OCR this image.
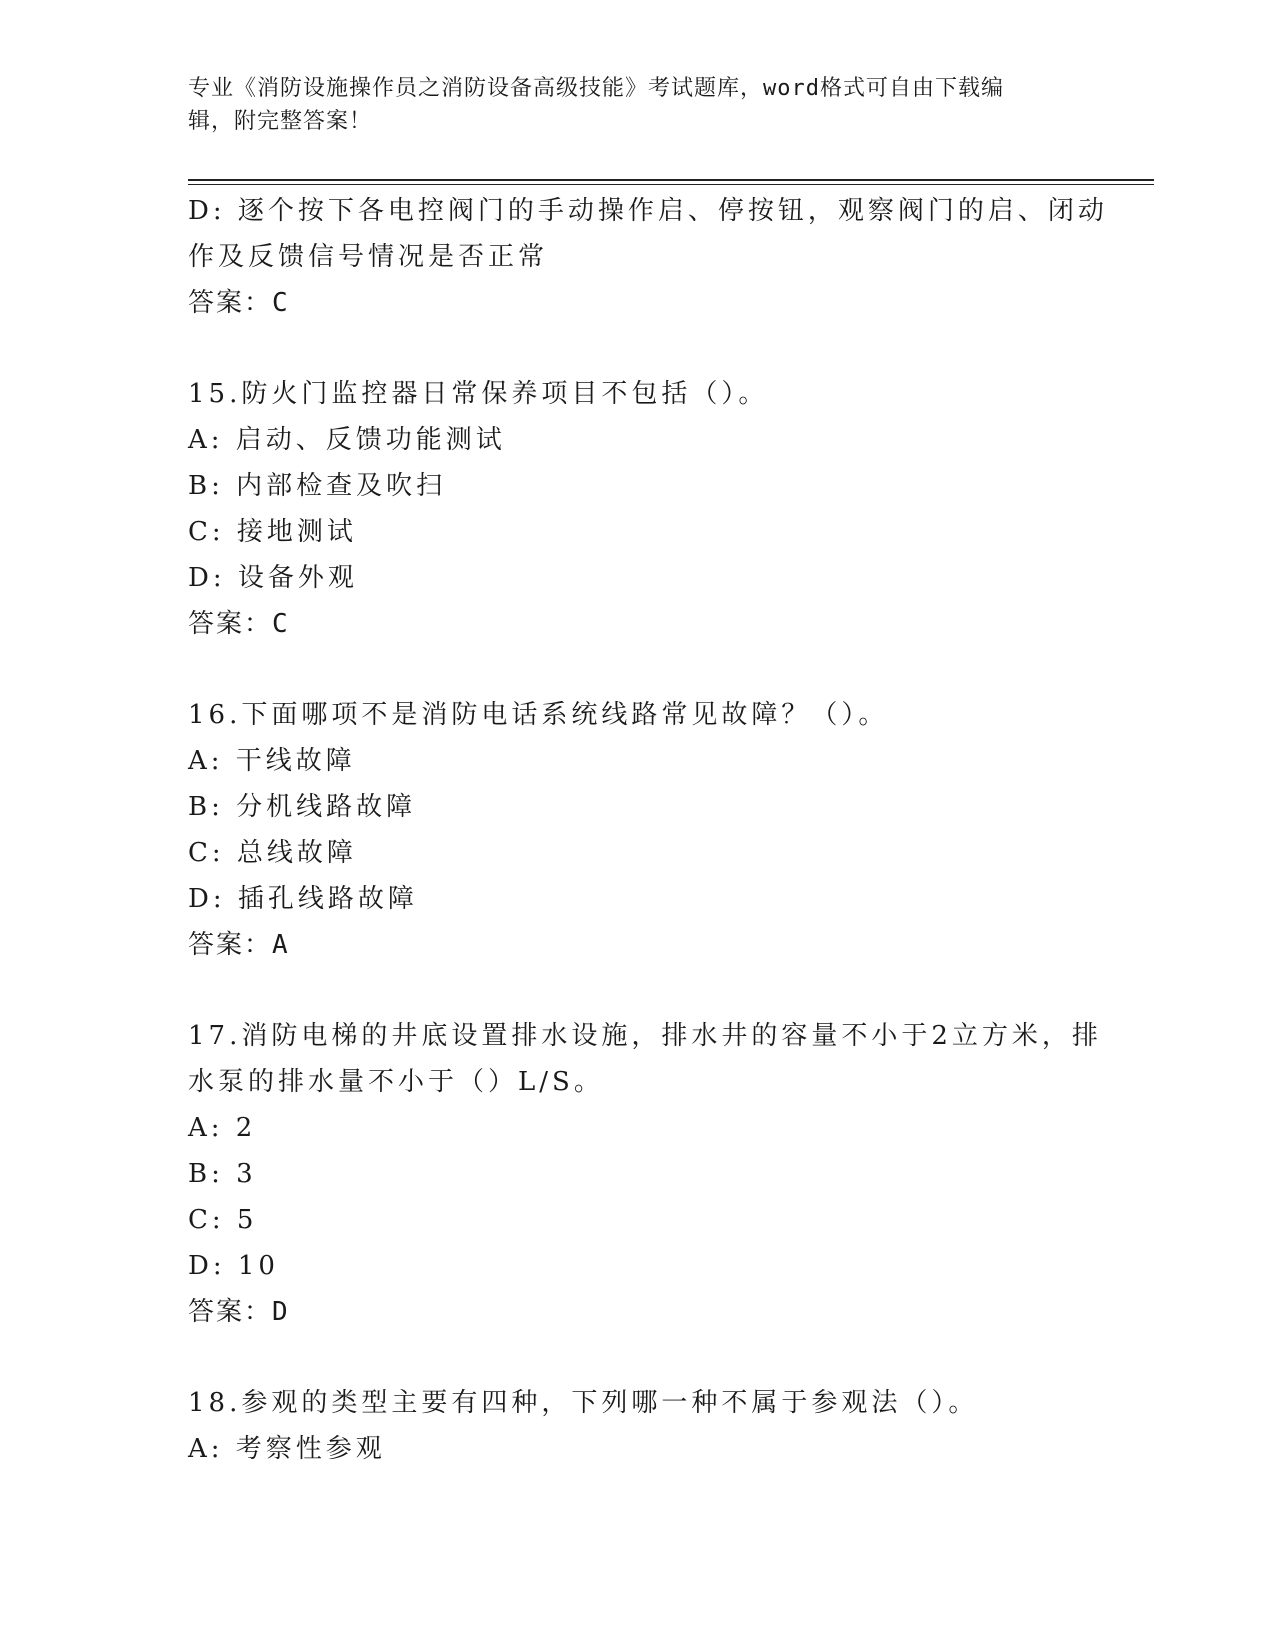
专业《消防设施操作员之消防设备高级技能》考试题库，word格式可自由下载编
辑，附完整答案！
D: 逐个按下各电控阀门的手动操作启、停按钮，观察阀门的启、闭动
作及反馈信号情况是否正常
答案：C
15.防火门监控器日常保养项目不包括（）。
A: 启动、反馈功能测试
B: 内部检查及吹扫
C: 接地测试
D: 设备外观
答案：C
16.下面哪项不是消防电话系统线路常见故障？（）。
A: 干线故障
B: 分机线路故障
C: 总线故障
D: 插孔线路故障
答案：A
17.消防电梯的井底设置排水设施，排水井的容量不小于2立方米，排
水泵的排水量不小于（）L/S。
A: 2
B: 3
C: 5
D: 10
答案：D
18.参观的类型主要有四种，下列哪一种不属于参观法（）。
A: 考察性参观
